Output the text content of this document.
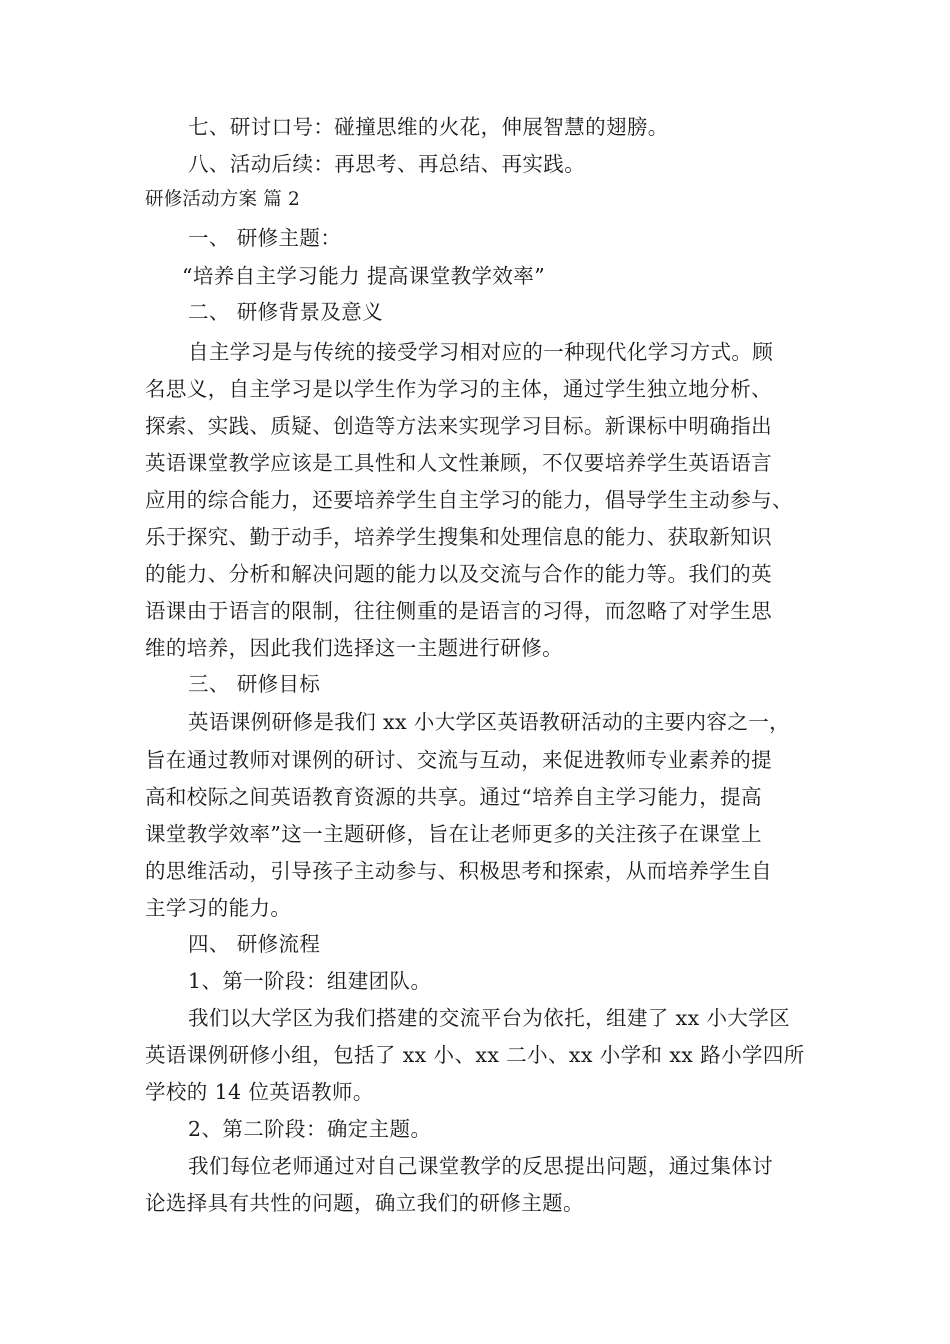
七、研讨口号：碰撞思维的火花，伸展智慧的翅膀。
八、活动后续：再思考、再总结、再实践。
研修活动方案 篇 2
一、 研修主题：
“培养自主学习能力 提高课堂教学效率”
二、 研修背景及意义
自主学习是与传统的接受学习相对应的一种现代化学习方式。顾
名思义，自主学习是以学生作为学习的主体，通过学生独立地分析、
探索、实践、质疑、创造等方法来实现学习目标。新课标中明确指出
英语课堂教学应该是工具性和人文性兼顾，不仅要培养学生英语语言
应用的综合能力，还要培养学生自主学习的能力，倡导学生主动参与、
乐于探究、勤于动手，培养学生搜集和处理信息的能力、获取新知识
的能力、分析和解决问题的能力以及交流与合作的能力等。我们的英
语课由于语言的限制，往往侧重的是语言的习得，而忽略了对学生思
维的培养，因此我们选择这一主题进行研修。
三、 研修目标
英语课例研修是我们 xx 小大学区英语教研活动的主要内容之一，
旨在通过教师对课例的研讨、交流与互动，来促进教师专业素养的提
高和校际之间英语教育资源的共享。通过“培养自主学习能力，提高
课堂教学效率”这一主题研修，旨在让老师更多的关注孩子在课堂上
的思维活动，引导孩子主动参与、积极思考和探索，从而培养学生自
主学习的能力。
四、 研修流程
1、第一阶段：组建团队。
我们以大学区为我们搭建的交流平台为依托，组建了 xx 小大学区
英语课例研修小组，包括了 xx 小、xx 二小、xx 小学和 xx 路小学四所
学校的 14 位英语教师。
2、第二阶段：确定主题。
我们每位老师通过对自己课堂教学的反思提出问题，通过集体讨
论选择具有共性的问题，确立我们的研修主题。
